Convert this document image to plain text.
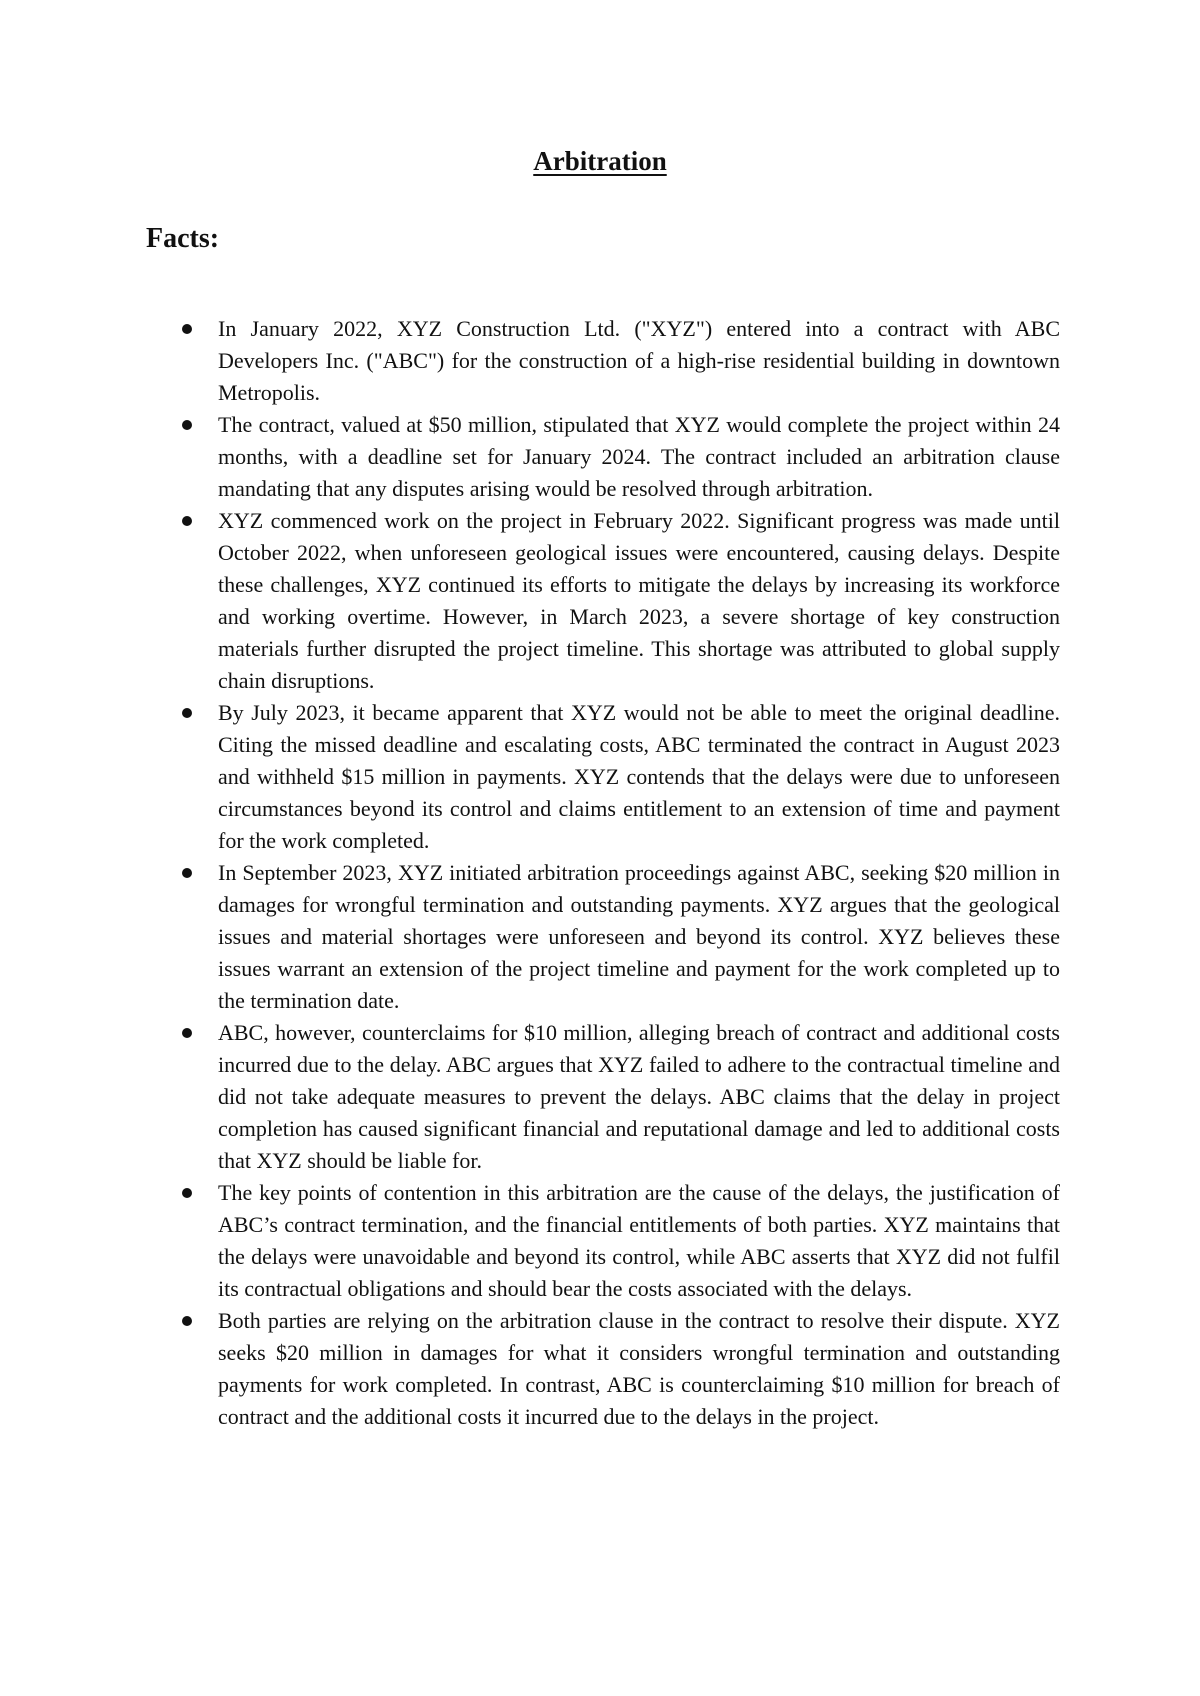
Arbitration
Facts:
In January 2022, XYZ Construction Ltd. ("XYZ") entered into a contract with ABC Developers Inc. ("ABC") for the construction of a high-rise residential building in downtown Metropolis.
The contract, valued at $50 million, stipulated that XYZ would complete the project within 24 months, with a deadline set for January 2024. The contract included an arbitration clause mandating that any disputes arising would be resolved through arbitration.
XYZ commenced work on the project in February 2022. Significant progress was made until October 2022, when unforeseen geological issues were encountered, causing delays. Despite these challenges, XYZ continued its efforts to mitigate the delays by increasing its workforce and working overtime. However, in March 2023, a severe shortage of key construction materials further disrupted the project timeline. This shortage was attributed to global supply chain disruptions.
By July 2023, it became apparent that XYZ would not be able to meet the original deadline. Citing the missed deadline and escalating costs, ABC terminated the contract in August 2023 and withheld $15 million in payments. XYZ contends that the delays were due to unforeseen circumstances beyond its control and claims entitlement to an extension of time and payment for the work completed.
In September 2023, XYZ initiated arbitration proceedings against ABC, seeking $20 million in damages for wrongful termination and outstanding payments. XYZ argues that the geological issues and material shortages were unforeseen and beyond its control. XYZ believes these issues warrant an extension of the project timeline and payment for the work completed up to the termination date.
ABC, however, counterclaims for $10 million, alleging breach of contract and additional costs incurred due to the delay. ABC argues that XYZ failed to adhere to the contractual timeline and did not take adequate measures to prevent the delays. ABC claims that the delay in project completion has caused significant financial and reputational damage and led to additional costs that XYZ should be liable for.
The key points of contention in this arbitration are the cause of the delays, the justification of ABC’s contract termination, and the financial entitlements of both parties. XYZ maintains that the delays were unavoidable and beyond its control, while ABC asserts that XYZ did not fulfil its contractual obligations and should bear the costs associated with the delays.
Both parties are relying on the arbitration clause in the contract to resolve their dispute. XYZ seeks $20 million in damages for what it considers wrongful termination and outstanding payments for work completed. In contrast, ABC is counterclaiming $10 million for breach of contract and the additional costs it incurred due to the delays in the project.
